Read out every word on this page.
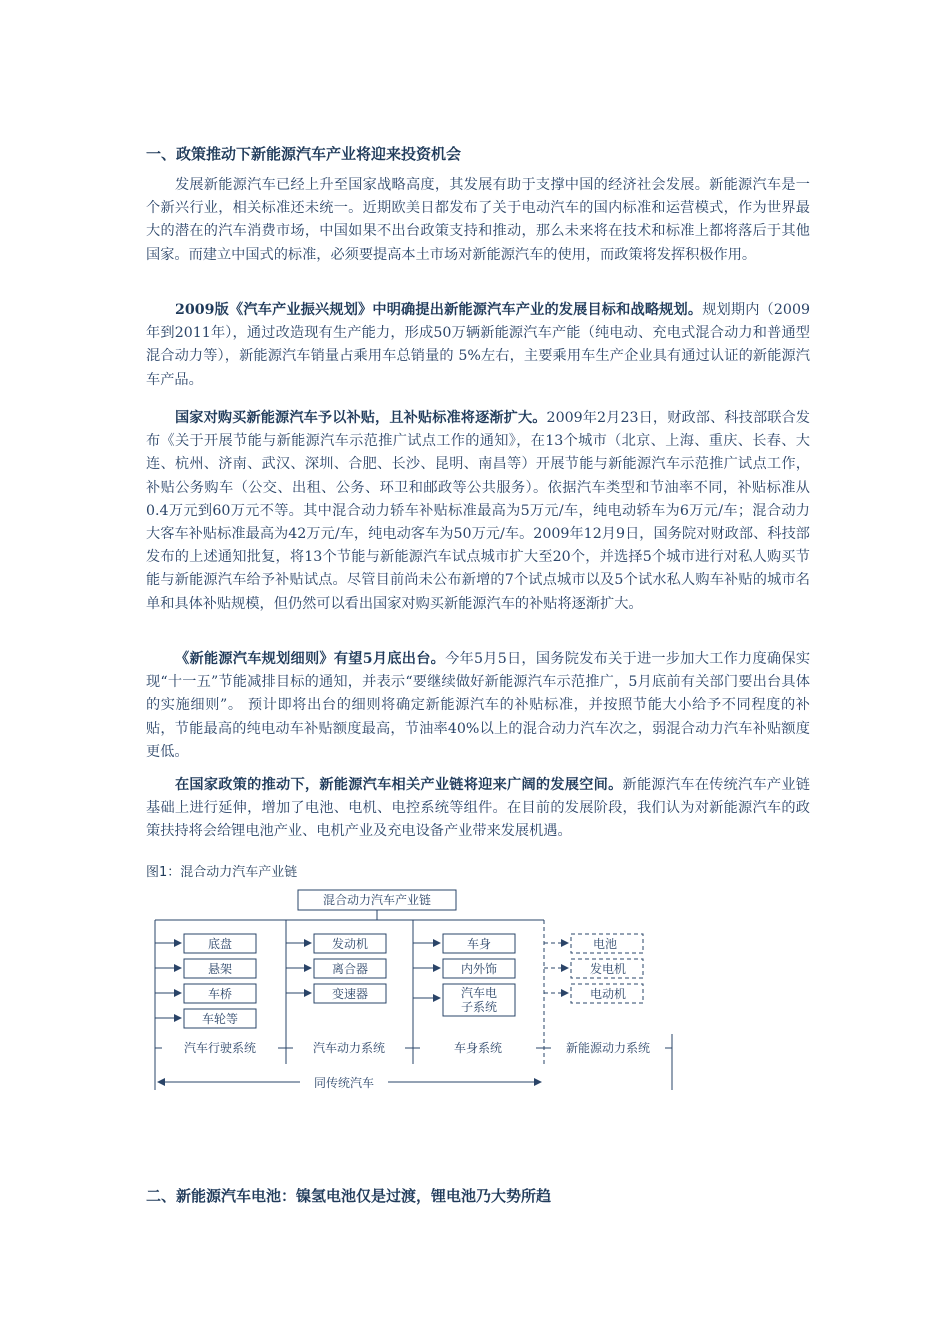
一、政策推动下新能源汽车产业将迎来投资机会

发展新能源汽车已经上升至国家战略高度，其发展有助于支撑中国的经济社会发展。新能源汽车是一个新兴行业，相关标准还未统一。近期欧美日都发布了关于电动汽车的国内标准和运营模式，作为世界最大的潜在的汽车消费市场，中国如果不出台政策支持和推动，那么未来将在技术和标准上都将落后于其他国家。而建立中国式的标准，必须要提高本土市场对新能源汽车的使用，而政策将发挥积极作用。

2009版《汽车产业振兴规划》中明确提出新能源汽车产业的发展目标和战略规划。规划期内（2009年到2011年），通过改造现有生产能力，形成50万辆新能源汽车产能（纯电动、充电式混合动力和普通型混合动力等），新能源汽车销量占乘用车总销量的 5%左右，主要乘用车生产企业具有通过认证的新能源汽车产品。

国家对购买新能源汽车予以补贴，且补贴标准将逐渐扩大。2009年2月23日，财政部、科技部联合发布《关于开展节能与新能源汽车示范推广试点工作的通知》，在13个城市（北京、上海、重庆、长春、大连、杭州、济南、武汉、深圳、合肥、长沙、昆明、南昌等）开展节能与新能源汽车示范推广试点工作，补贴公务购车（公交、出租、公务、环卫和邮政等公共服务）。依据汽车类型和节油率不同，补贴标准从0.4万元到60万元不等。其中混合动力轿车补贴标准最高为5万元/车，纯电动轿车为6万元/车；混合动力大客车补贴标准最高为42万元/车，纯电动客车为50万元/车。2009年12月9日，国务院对财政部、科技部发布的上述通知批复，将13个节能与新能源汽车试点城市扩大至20个，并选择5个城市进行对私人购买节能与新能源汽车给予补贴试点。尽管目前尚未公布新增的7个试点城市以及5个试水私人购车补贴的城市名单和具体补贴规模，但仍然可以看出国家对购买新能源汽车的补贴将逐渐扩大。

《新能源汽车规划细则》有望5月底出台。今年5月5日，国务院发布关于进一步加大工作力度确保实现“十一五”节能减排目标的通知，并表示“要继续做好新能源汽车示范推广，5月底前有关部门要出台具体的实施细则”。 预计即将出台的细则将确定新能源汽车的补贴标准，并按照节能大小给予不同程度的补贴，节能最高的纯电动车补贴额度最高，节油率40%以上的混合动力汽车次之，弱混合动力汽车补贴额度更低。

在国家政策的推动下，新能源汽车相关产业链将迎来广阔的发展空间。新能源汽车在传统汽车产业链基础上进行延伸，增加了电池、电机、电控系统等组件。在目前的发展阶段，我们认为对新能源汽车的政策扶持将会给锂电池产业、电机产业及充电设备产业带来发展机遇。

图1：混合动力汽车产业链
混合动力汽车产业链
底盘
悬架
车桥
车轮等
发动机
离合器
变速器
车身
内外饰
汽车电
子系统
电池
发电机
电动机
汽车行驶系统	汽车动力系统	车身系统	新能源动力系统
同传统汽车
二、新能源汽车电池：镍氢电池仅是过渡，锂电池乃大势所趋
